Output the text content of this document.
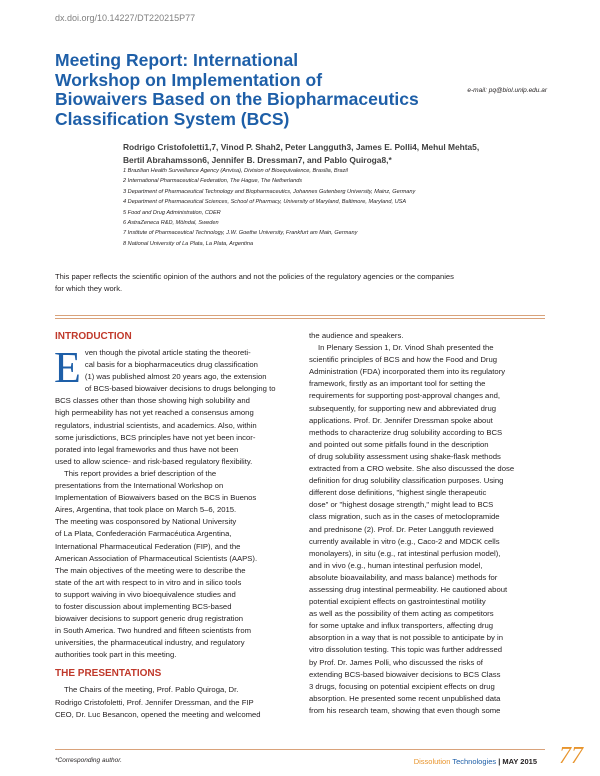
dx.doi.org/10.14227/DT220215P77
Meeting Report: International
Workshop on Implementation of
Biowaivers Based on the Biopharmaceutics
Classification System (BCS)
e-mail: pq@biol.unlp.edu.ar
Rodrigo Cristofoletti1,7, Vinod P. Shah2, Peter Langguth3, James E. Polli4, Mehul Mehta5,
Bertil Abrahamsson6, Jennifer B. Dressman7, and Pablo Quiroga8,*
1 Brazilian Health Surveillance Agency (Anvisa), Division of Bioequivalence, Brasilia, Brazil
2 International Pharmaceutical Federation, The Hague, The Netherlands
3 Department of Pharmaceutical Technology and Biopharmaceutics, Johannes Gutenberg University, Mainz, Germany
4 Department of Pharmaceutical Sciences, School of Pharmacy, University of Maryland, Baltimore, Maryland, USA
5 Food and Drug Administration, CDER
6 AstraZeneca R&D, Mölndal, Sweden
7 Institute of Pharmaceutical Technology, J.W. Goethe University, Frankfurt am Main, Germany
8 National University of La Plata, La Plata, Argentina
This paper reflects the scientific opinion of the authors and not the policies of the regulatory agencies or the companies
for which they work.
INTRODUCTION
E ven though the pivotal article stating the theoreti-
cal basis for a biopharmaceutics drug classification
(1) was published almost 20 years ago, the extension
of BCS-based biowaiver decisions to drugs belonging to
BCS classes other than those showing high solubility and
high permeability has not yet reached a consensus among
regulators, industrial scientists, and academics. Also, within
some jurisdictions, BCS principles have not yet been incor-
porated into legal frameworks and thus have not been
used to allow science- and risk-based regulatory flexibility.
This report provides a brief description of the
presentations from the International Workshop on
Implementation of Biowaivers based on the BCS in Buenos
Aires, Argentina, that took place on March 5–6, 2015.
The meeting was cosponsored by National University
of La Plata, Confederación Farmacéutica Argentina,
International Pharmaceutical Federation (FIP), and the
American Association of Pharmaceutical Scientists (AAPS).
The main objectives of the meeting were to describe the
state of the art with respect to in vitro and in silico tools
to support waiving in vivo bioequivalence studies and
to foster discussion about implementing BCS-based
biowaiver decisions to support generic drug registration
in South America. Two hundred and fifteen scientists from
universities, the pharmaceutical industry, and regulatory
authorities took part in this meeting.
THE PRESENTATIONS
The Chairs of the meeting, Prof. Pablo Quiroga, Dr.
Rodrigo Cristofoletti, Prof. Jennifer Dressman, and the FIP
CEO, Dr. Luc Besancon, opened the meeting and welcomed
the audience and speakers.
In Plenary Session 1, Dr. Vinod Shah presented the
scientific principles of BCS and how the Food and Drug
Administration (FDA) incorporated them into its regulatory
framework, firstly as an important tool for setting the
requirements for supporting post-approval changes and,
subsequently, for supporting new and abbreviated drug
applications. Prof. Dr. Jennifer Dressman spoke about
methods to characterize drug solubility according to BCS
and pointed out some pitfalls found in the description
of drug solubility assessment using shake-flask methods
extracted from a CRO website. She also discussed the dose
definition for drug solubility classification purposes. Using
different dose definitions, "highest single therapeutic
dose" or "highest dosage strength," might lead to BCS
class migration, such as in the cases of metoclopramide
and prednisone (2). Prof. Dr. Peter Langguth reviewed
currently available in vitro (e.g., Caco-2 and MDCK cells
monolayers), in situ (e.g., rat intestinal perfusion model),
and in vivo (e.g., human intestinal perfusion model,
absolute bioavailability, and mass balance) methods for
assessing drug intestinal permeability. He cautioned about
potential excipient effects on gastrointestinal motility
as well as the possibility of them acting as competitors
for some uptake and influx transporters, affecting drug
absorption in a way that is not possible to anticipate by in
vitro dissolution testing. This topic was further addressed
by Prof. Dr. James Polli, who discussed the risks of
extending BCS-based biowaiver decisions to BCS Class
3 drugs, focusing on potential excipient effects on drug
absorption. He presented some recent unpublished data
from his research team, showing that even though some
*Corresponding author.	Dissolution Technologies | MAY 2015 77
